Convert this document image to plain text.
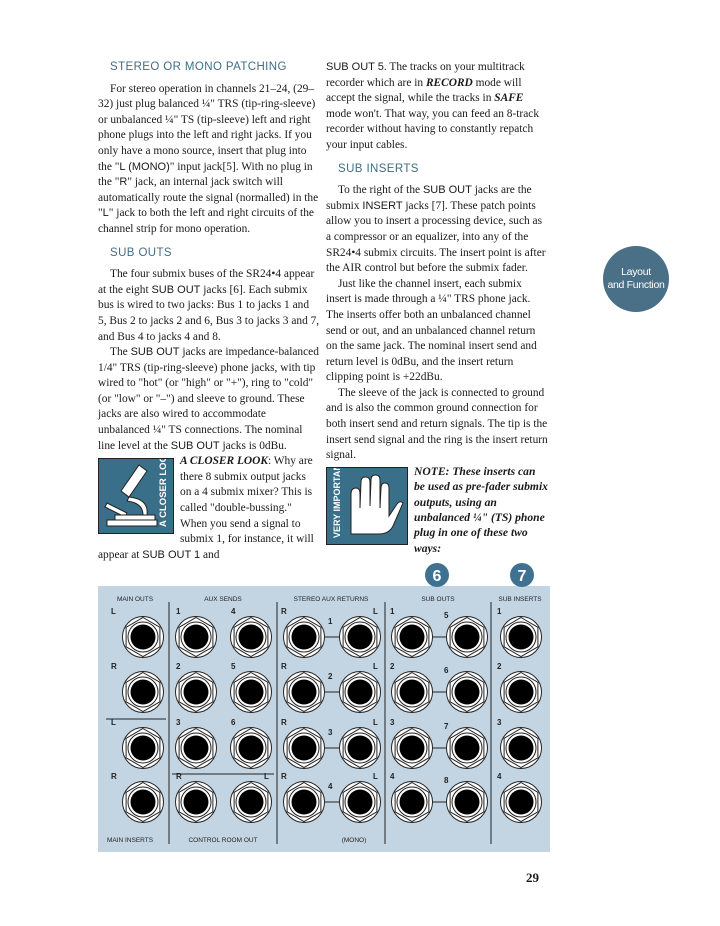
STEREO OR MONO PATCHING

For stereo operation in channels 21–24, (29–32) just plug balanced ¼" TRS (tip-ring-sleeve) or unbalanced ¼" TS (tip-sleeve) left and right phone plugs into the left and right jacks. If you only have a mono source, insert that plug into the "L (MONO)" input jack[5]. With no plug in the "R" jack, an internal jack switch will automatically route the signal (normalled) in the "L" jack to both the left and right circuits of the channel strip for mono operation.

SUB OUTS

The four submix buses of the SR24•4 appear at the eight SUB OUT jacks [6]. Each submix bus is wired to two jacks: Bus 1 to jacks 1 and 5, Bus 2 to jacks 2 and 6, Bus 3 to jacks 3 and 7, and Bus 4 to jacks 4 and 8.

The SUB OUT jacks are impedance-balanced 1/4" TRS (tip-ring-sleeve) phone jacks, with tip wired to "hot" (or "high" or "+"), ring to "cold" (or "low" or "–") and sleeve to ground. These jacks are also wired to accommodate unbalanced ¼" TS connections. The nominal line level at the SUB OUT jacks is 0dBu.

A CLOSER LOOK A CLOSER LOOK: Why are there 8 submix output jacks on a 4 submix mixer? This is called "double-bussing." When you send a signal to submix 1, for instance, it will appear at SUB OUT 1 and

SUB OUT 5. The tracks on your multitrack recorder which are in RECORD mode will accept the signal, while the tracks in SAFE mode won't. That way, you can feed an 8-track recorder without having to constantly repatch your input cables.

SUB INSERTS

To the right of the SUB OUT jacks are the submix INSERT jacks [7]. These patch points allow you to insert a processing device, such as a compressor or an equalizer, into any of the SR24•4 submix circuits. The insert point is after the AIR control but before the submix fader.

Just like the channel insert, each submix insert is made through a ¼" TRS phone jack. The inserts offer both an unbalanced channel send or out, and an unbalanced channel return on the same jack. The nominal insert send and return level is 0dBu, and the insert return clipping point is +22dBu.

The sleeve of the jack is connected to ground and is also the common ground connection for both insert send and return signals. The tip is the insert send signal and the ring is the insert return signal.

VERY IMPORTANT	NOTE: These inserts can be used as pre-fader submix outputs, using an unbalanced ¼" (TS) phone plug in one of these two ways:
Layout
and Function
6	7
MAIN OUTS	AUX SENDS	STEREO AUX RETURNS	SUB OUTS	SUB INSERTS
MAIN INSERTS	CONTROL ROOM OUT	(MONO)
L
R
L
R
1	4
2	5
3	6
R	L
R	L
1
R	L
2
R	L
3
R	L
4
1	5
2	6
3	7
4	8
1
2
3
4
29
